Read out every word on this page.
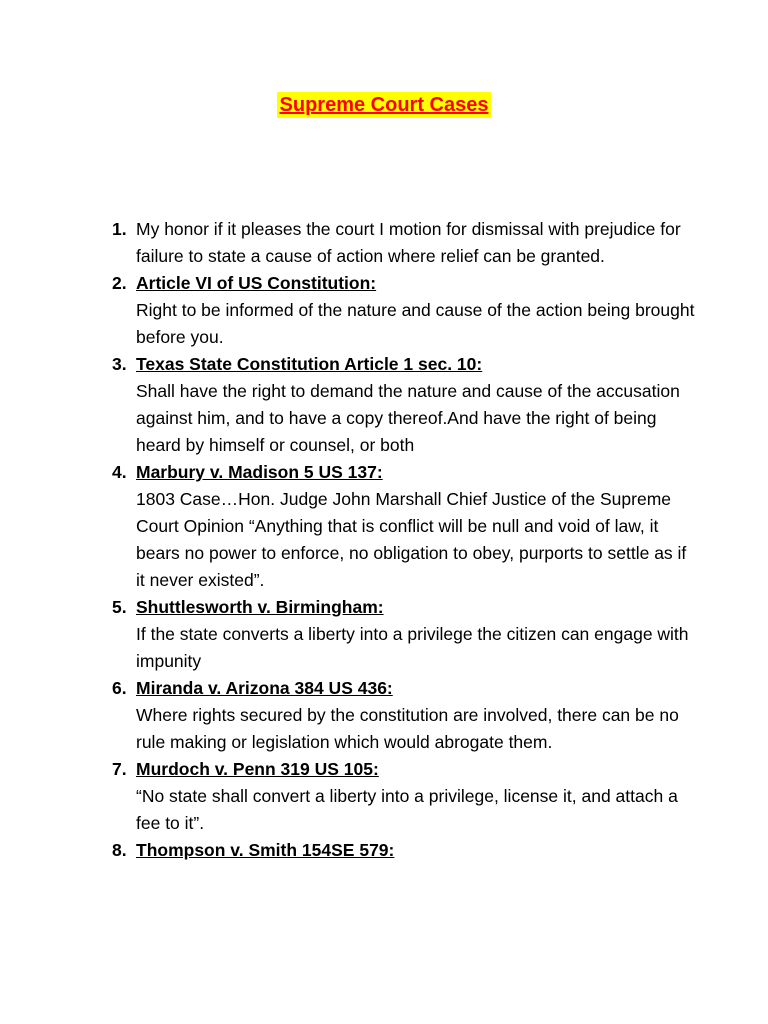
Supreme Court Cases
1. My honor if it pleases the court I motion for dismissal with prejudice for failure to state a cause of action where relief can be granted.
2. Article VI of US Constitution:
Right to be informed of the nature and cause of the action being brought before you.
3. Texas State Constitution Article 1 sec. 10:
Shall have the right to demand the nature and cause of the accusation against him, and to have a copy thereof.And have the right of being heard by himself or counsel, or both
4. Marbury v. Madison 5 US 137:
1803 Case…Hon. Judge John Marshall Chief Justice of the Supreme Court Opinion “Anything that is conflict will be null and void of law, it bears no power to enforce, no obligation to obey, purports to settle as if it never existed”.
5. Shuttlesworth v. Birmingham:
If the state converts a liberty into a privilege the citizen can engage with impunity
6. Miranda v. Arizona 384 US 436:
Where rights secured by the constitution are involved, there can be no rule making or legislation which would abrogate them.
7. Murdoch v. Penn 319 US 105:
“No state shall convert a liberty into a privilege, license it, and attach a fee to it”.
8. Thompson v. Smith 154SE 579:
